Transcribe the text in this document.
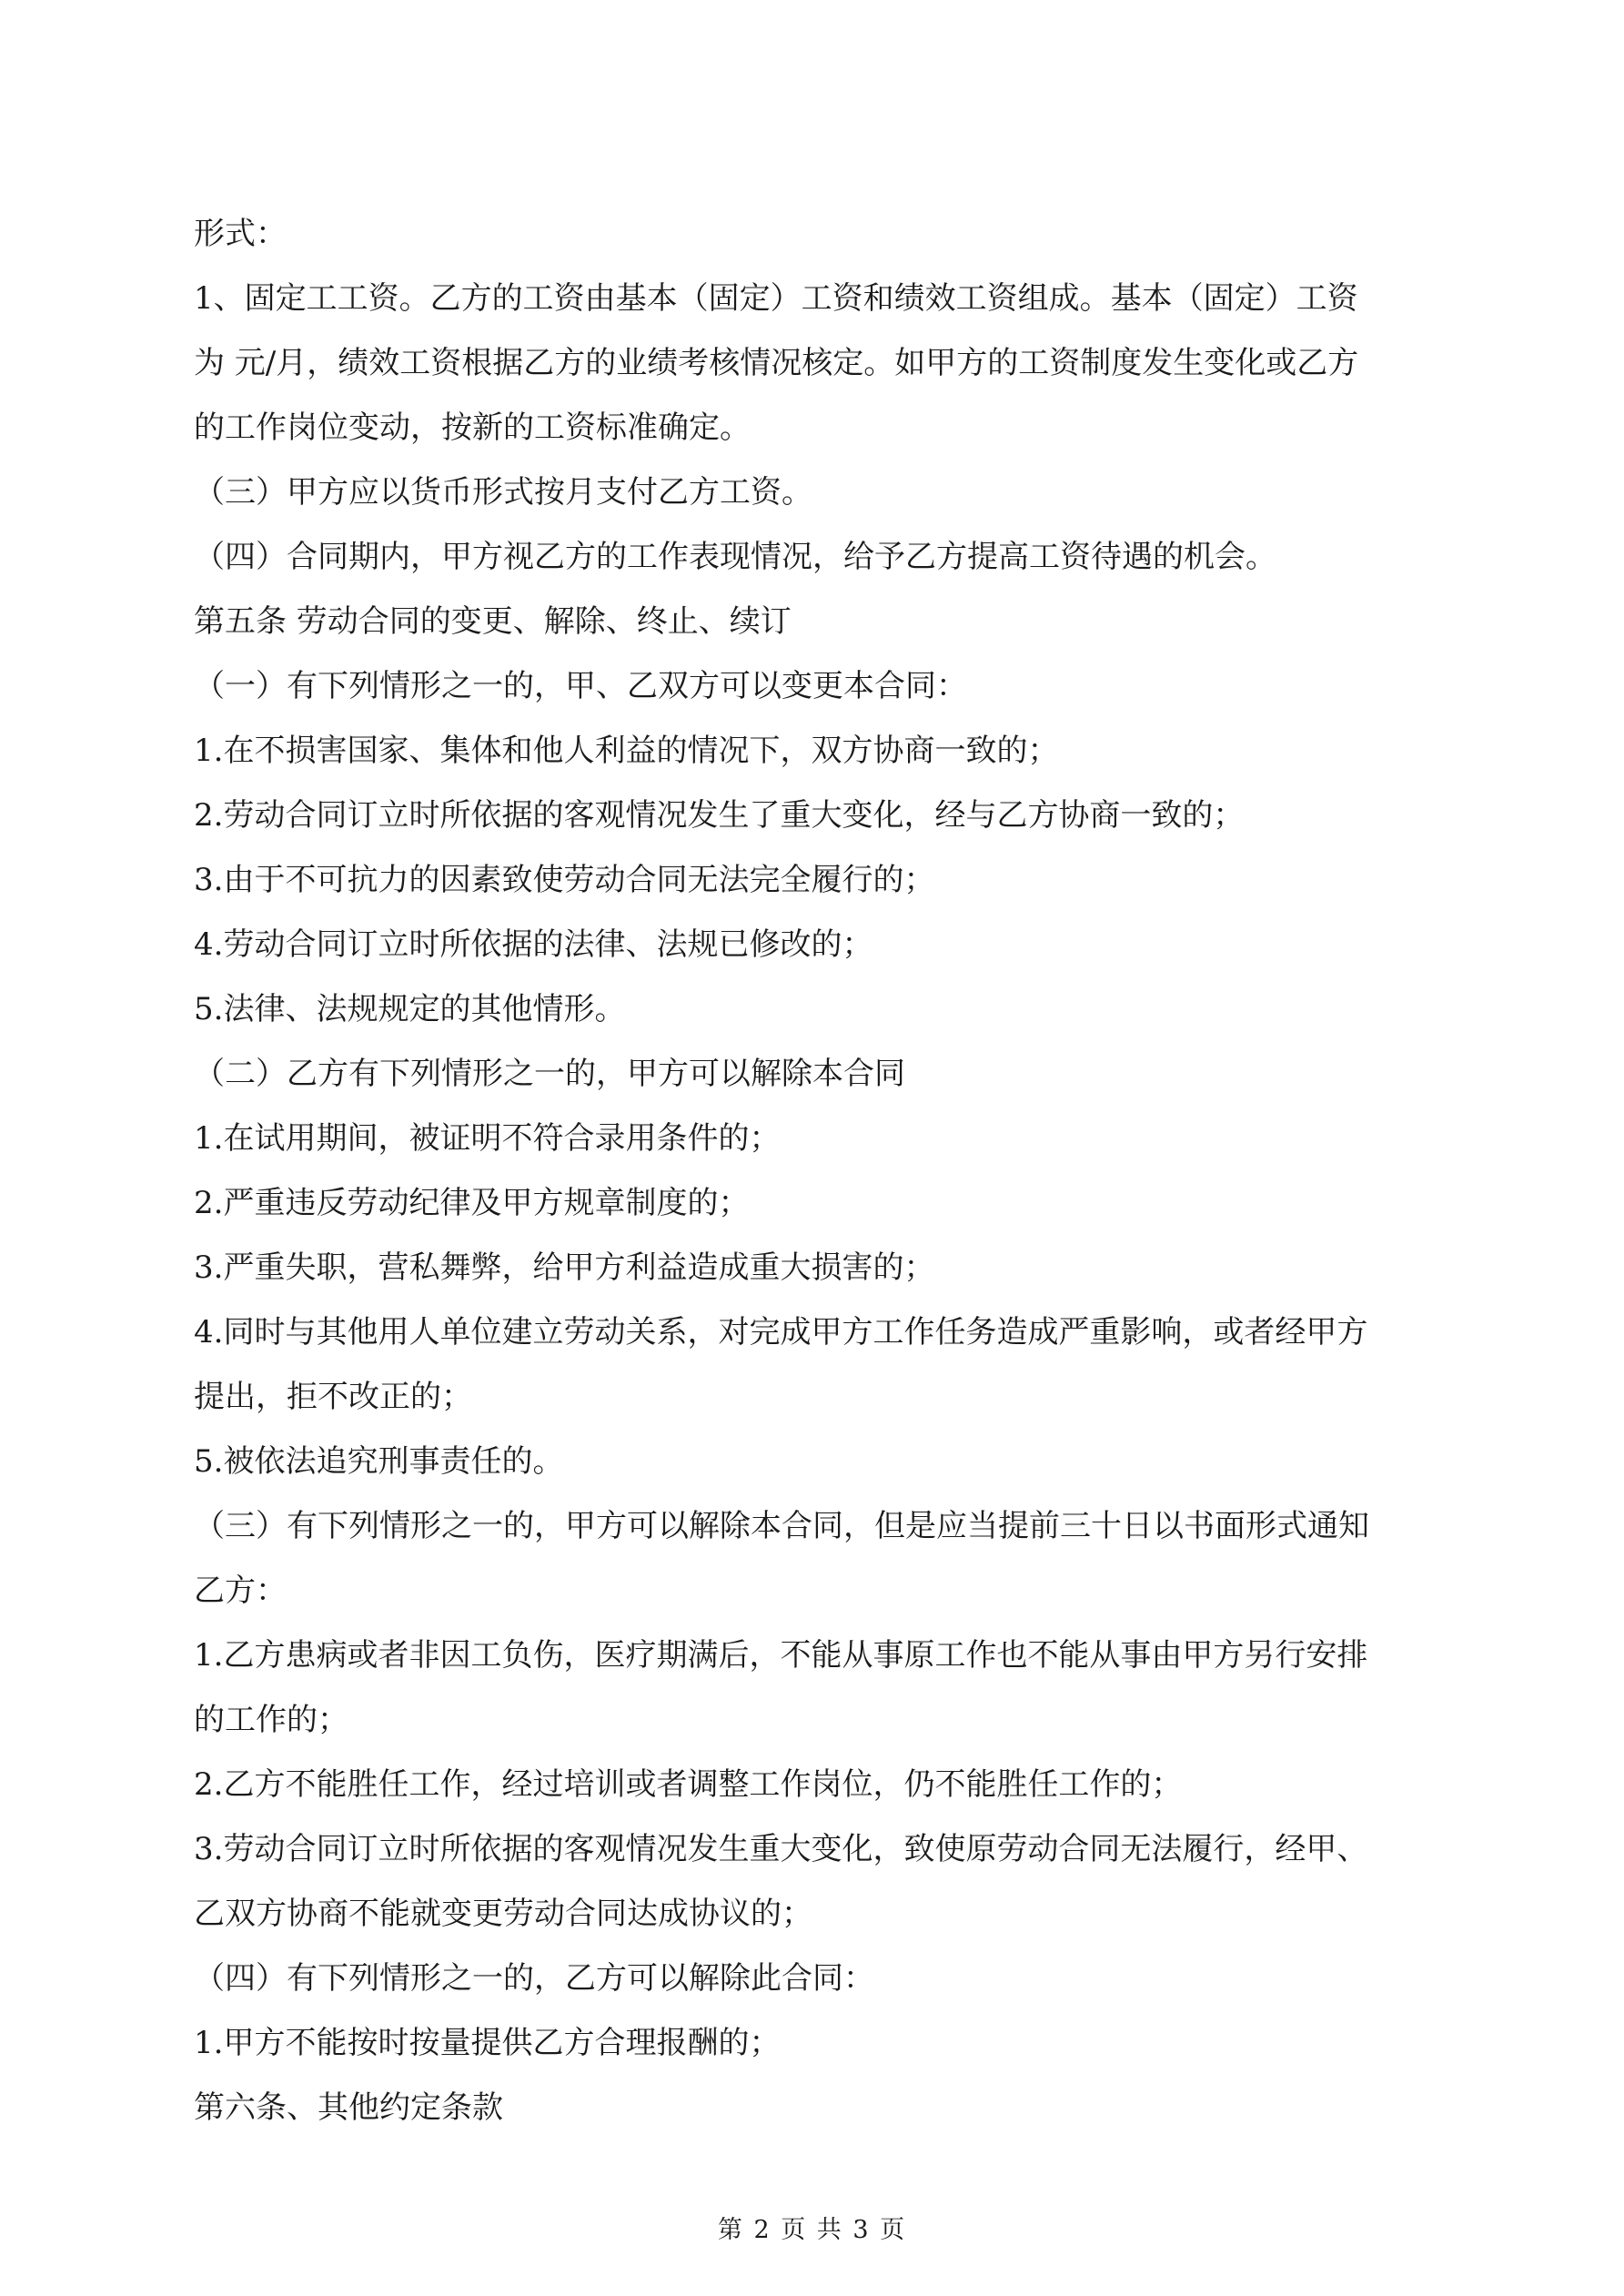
形式：
1、固定工工资。乙方的工资由基本（固定）工资和绩效工资组成。基本（固定）工资
为 元/月，绩效工资根据乙方的业绩考核情况核定。如甲方的工资制度发生变化或乙方
的工作岗位变动，按新的工资标准确定。
（三）甲方应以货币形式按月支付乙方工资。
（四）合同期内，甲方视乙方的工作表现情况，给予乙方提高工资待遇的机会。
第五条 劳动合同的变更、解除、终止、续订
（一）有下列情形之一的，甲、乙双方可以变更本合同：
1.在不损害国家、集体和他人利益的情况下，双方协商一致的；
2.劳动合同订立时所依据的客观情况发生了重大变化，经与乙方协商一致的；
3.由于不可抗力的因素致使劳动合同无法完全履行的；
4.劳动合同订立时所依据的法律、法规已修改的；
5.法律、法规规定的其他情形。
（二）乙方有下列情形之一的，甲方可以解除本合同
1.在试用期间，被证明不符合录用条件的；
2.严重违反劳动纪律及甲方规章制度的；
3.严重失职，营私舞弊，给甲方利益造成重大损害的；
4.同时与其他用人单位建立劳动关系，对完成甲方工作任务造成严重影响，或者经甲方
提出，拒不改正的；
5.被依法追究刑事责任的。
（三）有下列情形之一的，甲方可以解除本合同，但是应当提前三十日以书面形式通知
乙方：
1.乙方患病或者非因工负伤，医疗期满后，不能从事原工作也不能从事由甲方另行安排
的工作的；
2.乙方不能胜任工作，经过培训或者调整工作岗位，仍不能胜任工作的；
3.劳动合同订立时所依据的客观情况发生重大变化，致使原劳动合同无法履行，经甲、
乙双方协商不能就变更劳动合同达成协议的；
（四）有下列情形之一的，乙方可以解除此合同：
1.甲方不能按时按量提供乙方合理报酬的；
第六条、其他约定条款
第 2 页 共 3 页
